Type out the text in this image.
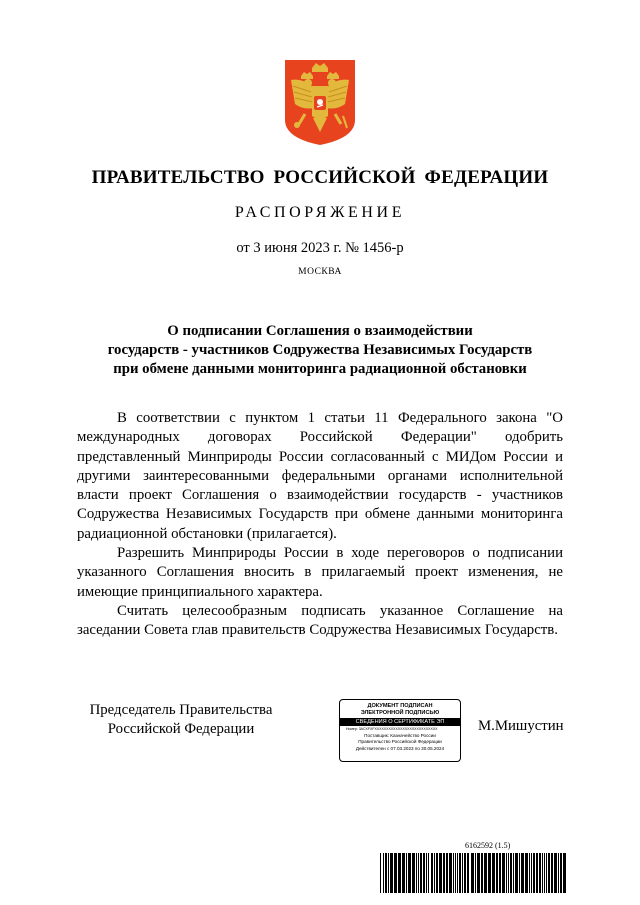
ПРАВИТЕЛЬСТВО РОССИЙСКОЙ ФЕДЕРАЦИИ
РАСПОРЯЖЕНИЕ
от 3 июня 2023 г. № 1456-р
МОСКВА
О подписании Соглашения о взаимодействии
государств - участников Содружества Независимых Государств
при обмене данными мониторинга радиационной обстановки

В соответствии с пунктом 1 статьи 11 Федерального закона "О международных договорах Российской Федерации" одобрить представленный Минприроды России согласованный с МИДом России и другими заинтересованными федеральными органами исполнительной власти проект Соглашения о взаимодействии государств - участников Содружества Независимых Государств при обмене данными мониторинга радиационной обстановки (прилагается).

Разрешить Минприроды России в ходе переговоров о подписании указанного Соглашения вносить в прилагаемый проект изменения, не имеющие принципиального характера.

Считать целесообразным подписать указанное Соглашение на заседании Совета глав правительств Содружества Независимых Государств.

Председатель Правительства
Российской Федерации
ДОКУМЕНТ ПОДПИСАН
ЭЛЕКТРОННОЙ ПОДПИСЬЮ
СВЕДЕНИЯ О СЕРТИФИКАТЕ ЭП
Номер: 3ACXFXFXXXXXXXXXXXXXXXXXXXXXXXXXXX
Поставщик: Казначейство России
Правительство Российской Федерации
Действителен с 07.03.2023 по 30.05.2024
М.Мишустин
6162592 (1.5)
